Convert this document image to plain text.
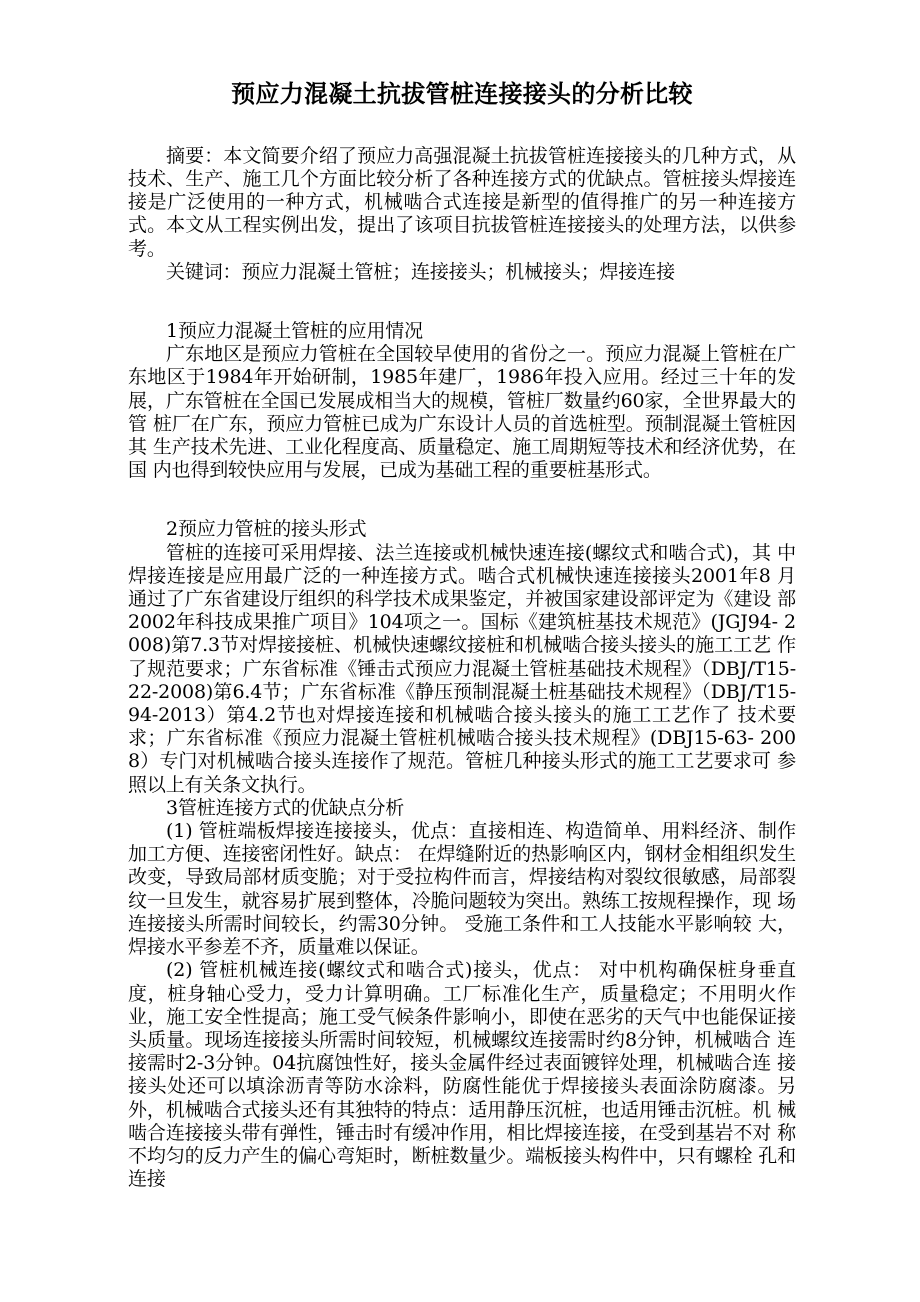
预应力混凝土抗拔管桩连接接头的分析比较

摘要：本文简要介绍了预应力高强混凝土抗拔管桩连接接头的几种方式，从技术、生产、施工几个方面比较分析了各种连接方式的优缺点。管桩接头焊接连接是广泛使用的一种方式，机械啮合式连接是新型的值得推广的另一种连接方式。本文从工程实例出发，提出了该项目抗拔管桩连接接头的处理方法，以供参考。

关键词：预应力混凝土管桩；连接接头；机械接头；焊接连接

1预应力混凝土管桩的应用情况

广东地区是预应力管桩在全国较早使用的省份之一。预应力混凝上管桩在广东地区于1984年开始研制，1985年建厂，1986年投入应用。经过三十年的发展，广东管桩在全国已发展成相当大的规模，管桩厂数量约60家，全世界最大的管 桩厂在广东，预应力管桩已成为广东设计人员的首选桩型。预制混凝土管桩因其 生产技术先进、工业化程度高、质量稳定、施工周期短等技术和经济优势，在国 内也得到较快应用与发展，已成为基础工程的重要桩基形式。

2预应力管桩的接头形式

管桩的连接可采用焊接、法兰连接或机械快速连接(螺纹式和啮合式)，其 中焊接连接是应用最广泛的一种连接方式。啮合式机械快速连接接头2001年8 月通过了广东省建设厅组织的科学技术成果鉴定，并被国家建设部评定为《建设 部2002年科技成果推广项目》104项之一。国标《建筑桩基技术规范》(JGJ94- 2008)第7.3节对焊接接桩、机械快速螺纹接桩和机械啮合接头接头的施工工艺 作了规范要求；广东省标准《锤击式预应力混凝土管桩基础技术规程》（DBJ/T15-22-2008)第6.4节；广东省标准《静压预制混凝土桩基础技术规程》（DBJ/T15-94-2013）第4.2节也对焊接连接和机械啮合接头接头的施工工艺作了 技术要求；广东省标准《预应力混凝土管桩机械啮合接头技术规程》(DBJ15-63- 2008）专门对机械啮合接头连接作了规范。管桩几种接头形式的施工工艺要求可 参照以上有关条文执行。

3管桩连接方式的优缺点分析

(1) 管桩端板焊接连接接头，优点：直接相连、构造简单、用料经济、制作加工方便、连接密闭性好。缺点： 在焊缝附近的热影响区内，钢材金相组织发生改变，导致局部材质变脆；对于受拉构件而言，焊接结构对裂纹很敏感，局部裂纹一旦发生，就容易扩展到整体，冷脆问题较为突出。熟练工按规程操作，现 场连接接头所需时间较长，约需30分钟。 受施工条件和工人技能水平影响较 大，焊接水平参差不齐，质量难以保证。

(2) 管桩机械连接(螺纹式和啮合式)接头，优点： 对中机构确保桩身垂直度，桩身轴心受力，受力计算明确。工厂标准化生产，质量稳定；不用明火作业，施工安全性提高；施工受气候条件影响小，即使在恶劣的天气中也能保证接头质量。现场连接接头所需时间较短，机械螺纹连接需时约8分钟，机械啮合 连接需时2-3分钟。04抗腐蚀性好，接头金属件经过表面镀锌处理，机械啮合连 接接头处还可以填涂沥青等防水涂料，防腐性能优于焊接接头表面涂防腐漆。另 外，机械啮合式接头还有其独特的特点：适用静压沉桩，也适用锤击沉桩。机 械啮合连接接头带有弹性，锤击时有缓冲作用，相比焊接连接，在受到基岩不对 称不均匀的反力产生的偏心弯矩时，断桩数量少。端板接头构件中，只有螺栓 孔和连接
